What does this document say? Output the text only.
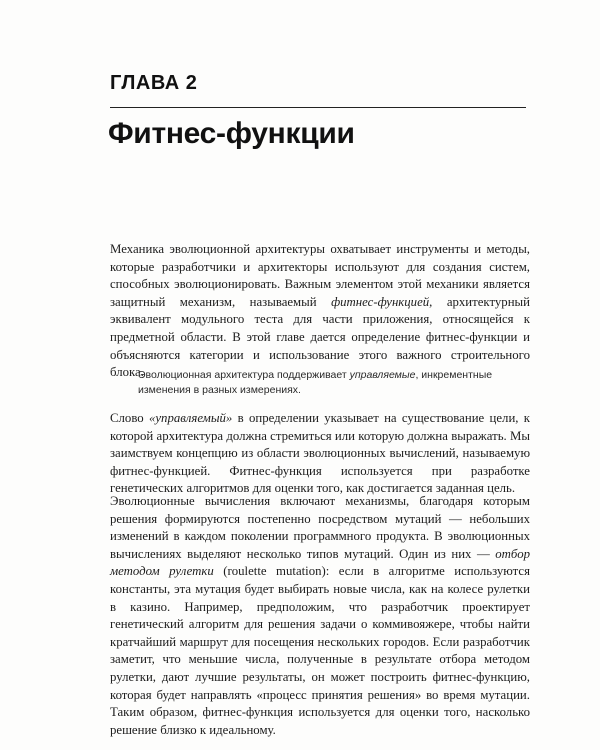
ГЛАВА 2
Фитнес-функции

Механика эволюционной архитектуры охватывает инструменты и методы, которые разработчики и архитекторы используют для создания систем, способных эволюционировать. Важным элементом этой механики является защитный механизм, называемый фитнес-функцией, архитектурный эквивалент модульного теста для части приложения, относящейся к предметной области. В этой главе дается определение фитнес-функции и объясняются категории и использование этого важного строительного блока.

Эволюционная архитектура поддерживает управляемые, инкрементные изменения в разных измерениях.

Слово «управляемый» в определении указывает на существование цели, к которой архитектура должна стремиться или которую должна выражать. Мы заимствуем концепцию из области эволюционных вычислений, называемую фитнес-функцией. Фитнес-функция используется при разработке генетических алгоритмов для оценки того, как достигается заданная цель.

Эволюционные вычисления включают механизмы, благодаря которым решения формируются постепенно посредством мутаций — небольших изменений в каждом поколении программного продукта. В эволюционных вычислениях выделяют несколько типов мутаций. Один из них — отбор методом рулетки (roulette mutation): если в алгоритме используются константы, эта мутация будет выбирать новые числа, как на колесе рулетки в казино. Например, предположим, что разработчик проектирует генетический алгоритм для решения задачи о коммивояжере, чтобы найти кратчайший маршрут для посещения нескольких городов. Если разработчик заметит, что меньшие числа, полученные в результате отбора методом рулетки, дают лучшие результаты, он может построить фитнес-функцию, которая будет направлять «процесс принятия решения» во время мутации. Таким образом, фитнес-функция используется для оценки того, насколько решение близко к идеальному.
